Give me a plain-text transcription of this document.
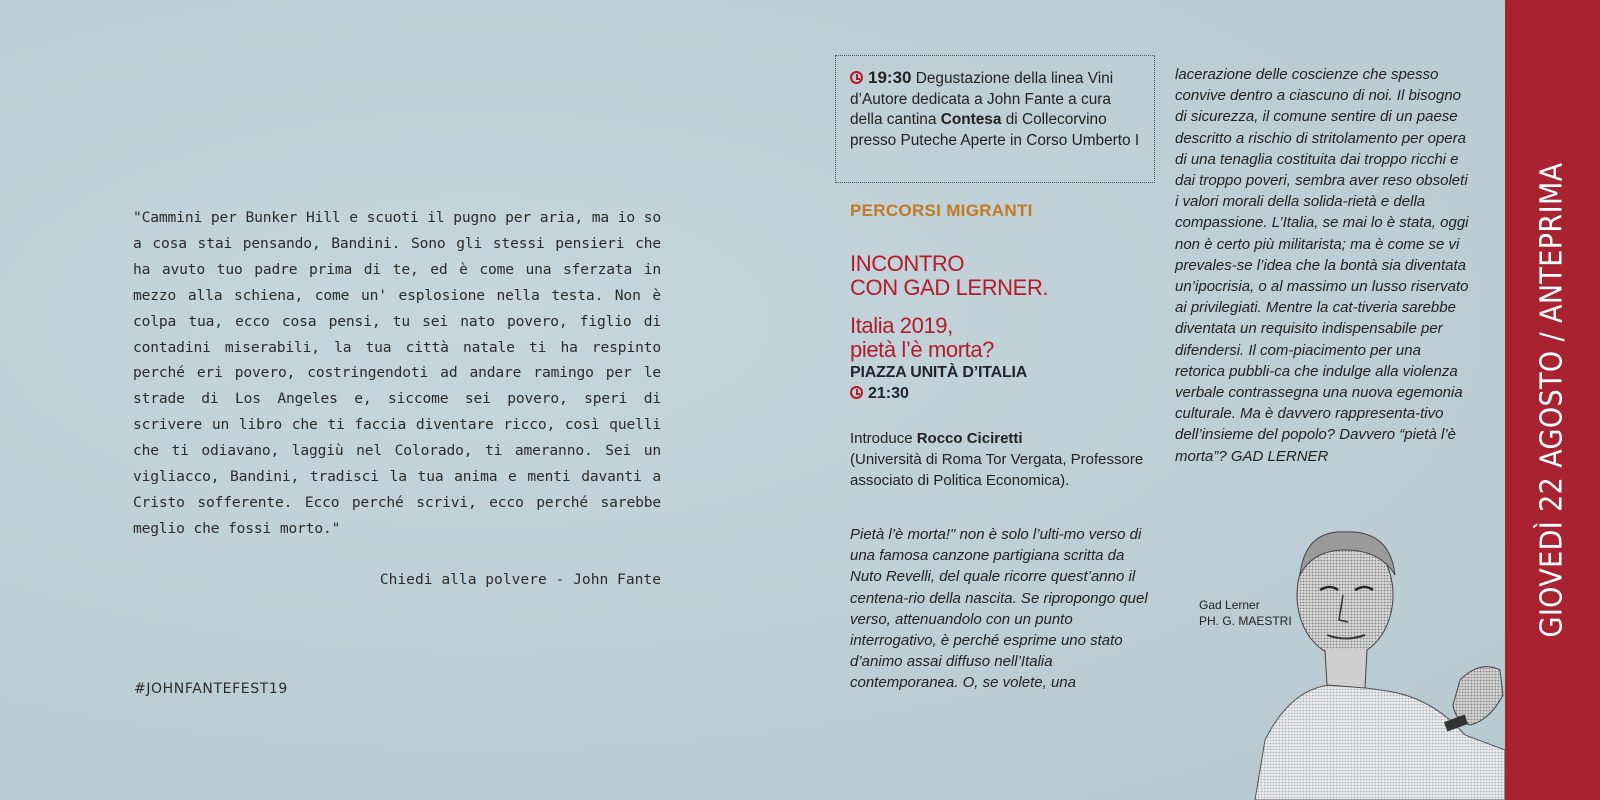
"Cammini per Bunker Hill e scuoti il pugno per aria, ma io so a cosa stai pensando, Bandini. Sono gli stessi pensieri che ha avuto tuo padre prima di te, ed è come una sferzata in mezzo alla schiena, come un' esplosione nella testa. Non è colpa tua, ecco cosa pensi, tu sei nato povero, figlio di contadini miserabili, la tua città natale ti ha respinto perché eri povero, costringendoti ad andare ramingo per le strade di Los Angeles e, siccome sei povero, speri di scrivere un libro che ti faccia diventare ricco, così quelli che ti odiavano, laggiù nel Colorado, ti ameranno. Sei un vigliacco, Bandini, tradisci la tua anima e menti davanti a Cristo sofferente. Ecco perché scrivi, ecco perché sarebbe meglio che fossi morto."
Chiedi alla polvere - John Fante
#JOHNFANTEFEST19
19:30 Degustazione della linea Vini d’Autore dedicata a John Fante a cura della cantina Contesa di Collecorvino presso Puteche Aperte in Corso Umberto I
PERCORSI MIGRANTI
INCONTRO
CON GAD LERNER.
Italia 2019,
pietà l’è morta?
PIAZZA UNITÀ D’ITALIA
21:30
Introduce Rocco Ciciretti
(Università di Roma Tor Vergata, Professore associato di Politica Economica).
Pietà l’è morta!" non è solo l’ulti-mo verso di una famosa canzone partigiana scritta da Nuto Revelli, del quale ricorre quest’anno il centena-rio della nascita. Se ripropongo quel verso, attenuandolo con un punto interrogativo, è perché esprime uno stato d’animo assai diffuso nell’Italia contemporanea. O, se volete, una
lacerazione delle coscienze che spesso convive dentro a ciascuno di noi. Il bisogno di sicurezza, il comune sentire di un paese descritto a rischio di stritolamento per opera di una tenaglia costituita dai troppo ricchi e dai troppo poveri, sembra aver reso obsoleti i valori morali della solida-rietà e della compassione. L’Italia, se mai lo è stata, oggi non è certo più militarista; ma è come se vi prevales-se l’idea che la bontà sia diventata un’ipocrisia, o al massimo un lusso riservato ai privilegiati. Mentre la cat-tiveria sarebbe diventata un requisito indispensabile per difendersi. Il com-piacimento per una retorica pubbli-ca che indulge alla violenza verbale contrassegna una nuova egemonia culturale. Ma è davvero rappresenta-tivo dell’insieme del popolo? Davvero “pietà l’è morta”? GAD LERNER
Gad Lerner
PH. G. MAESTRI	GIOVEDÌ 22 AGOSTO / ANTEPRIMA
